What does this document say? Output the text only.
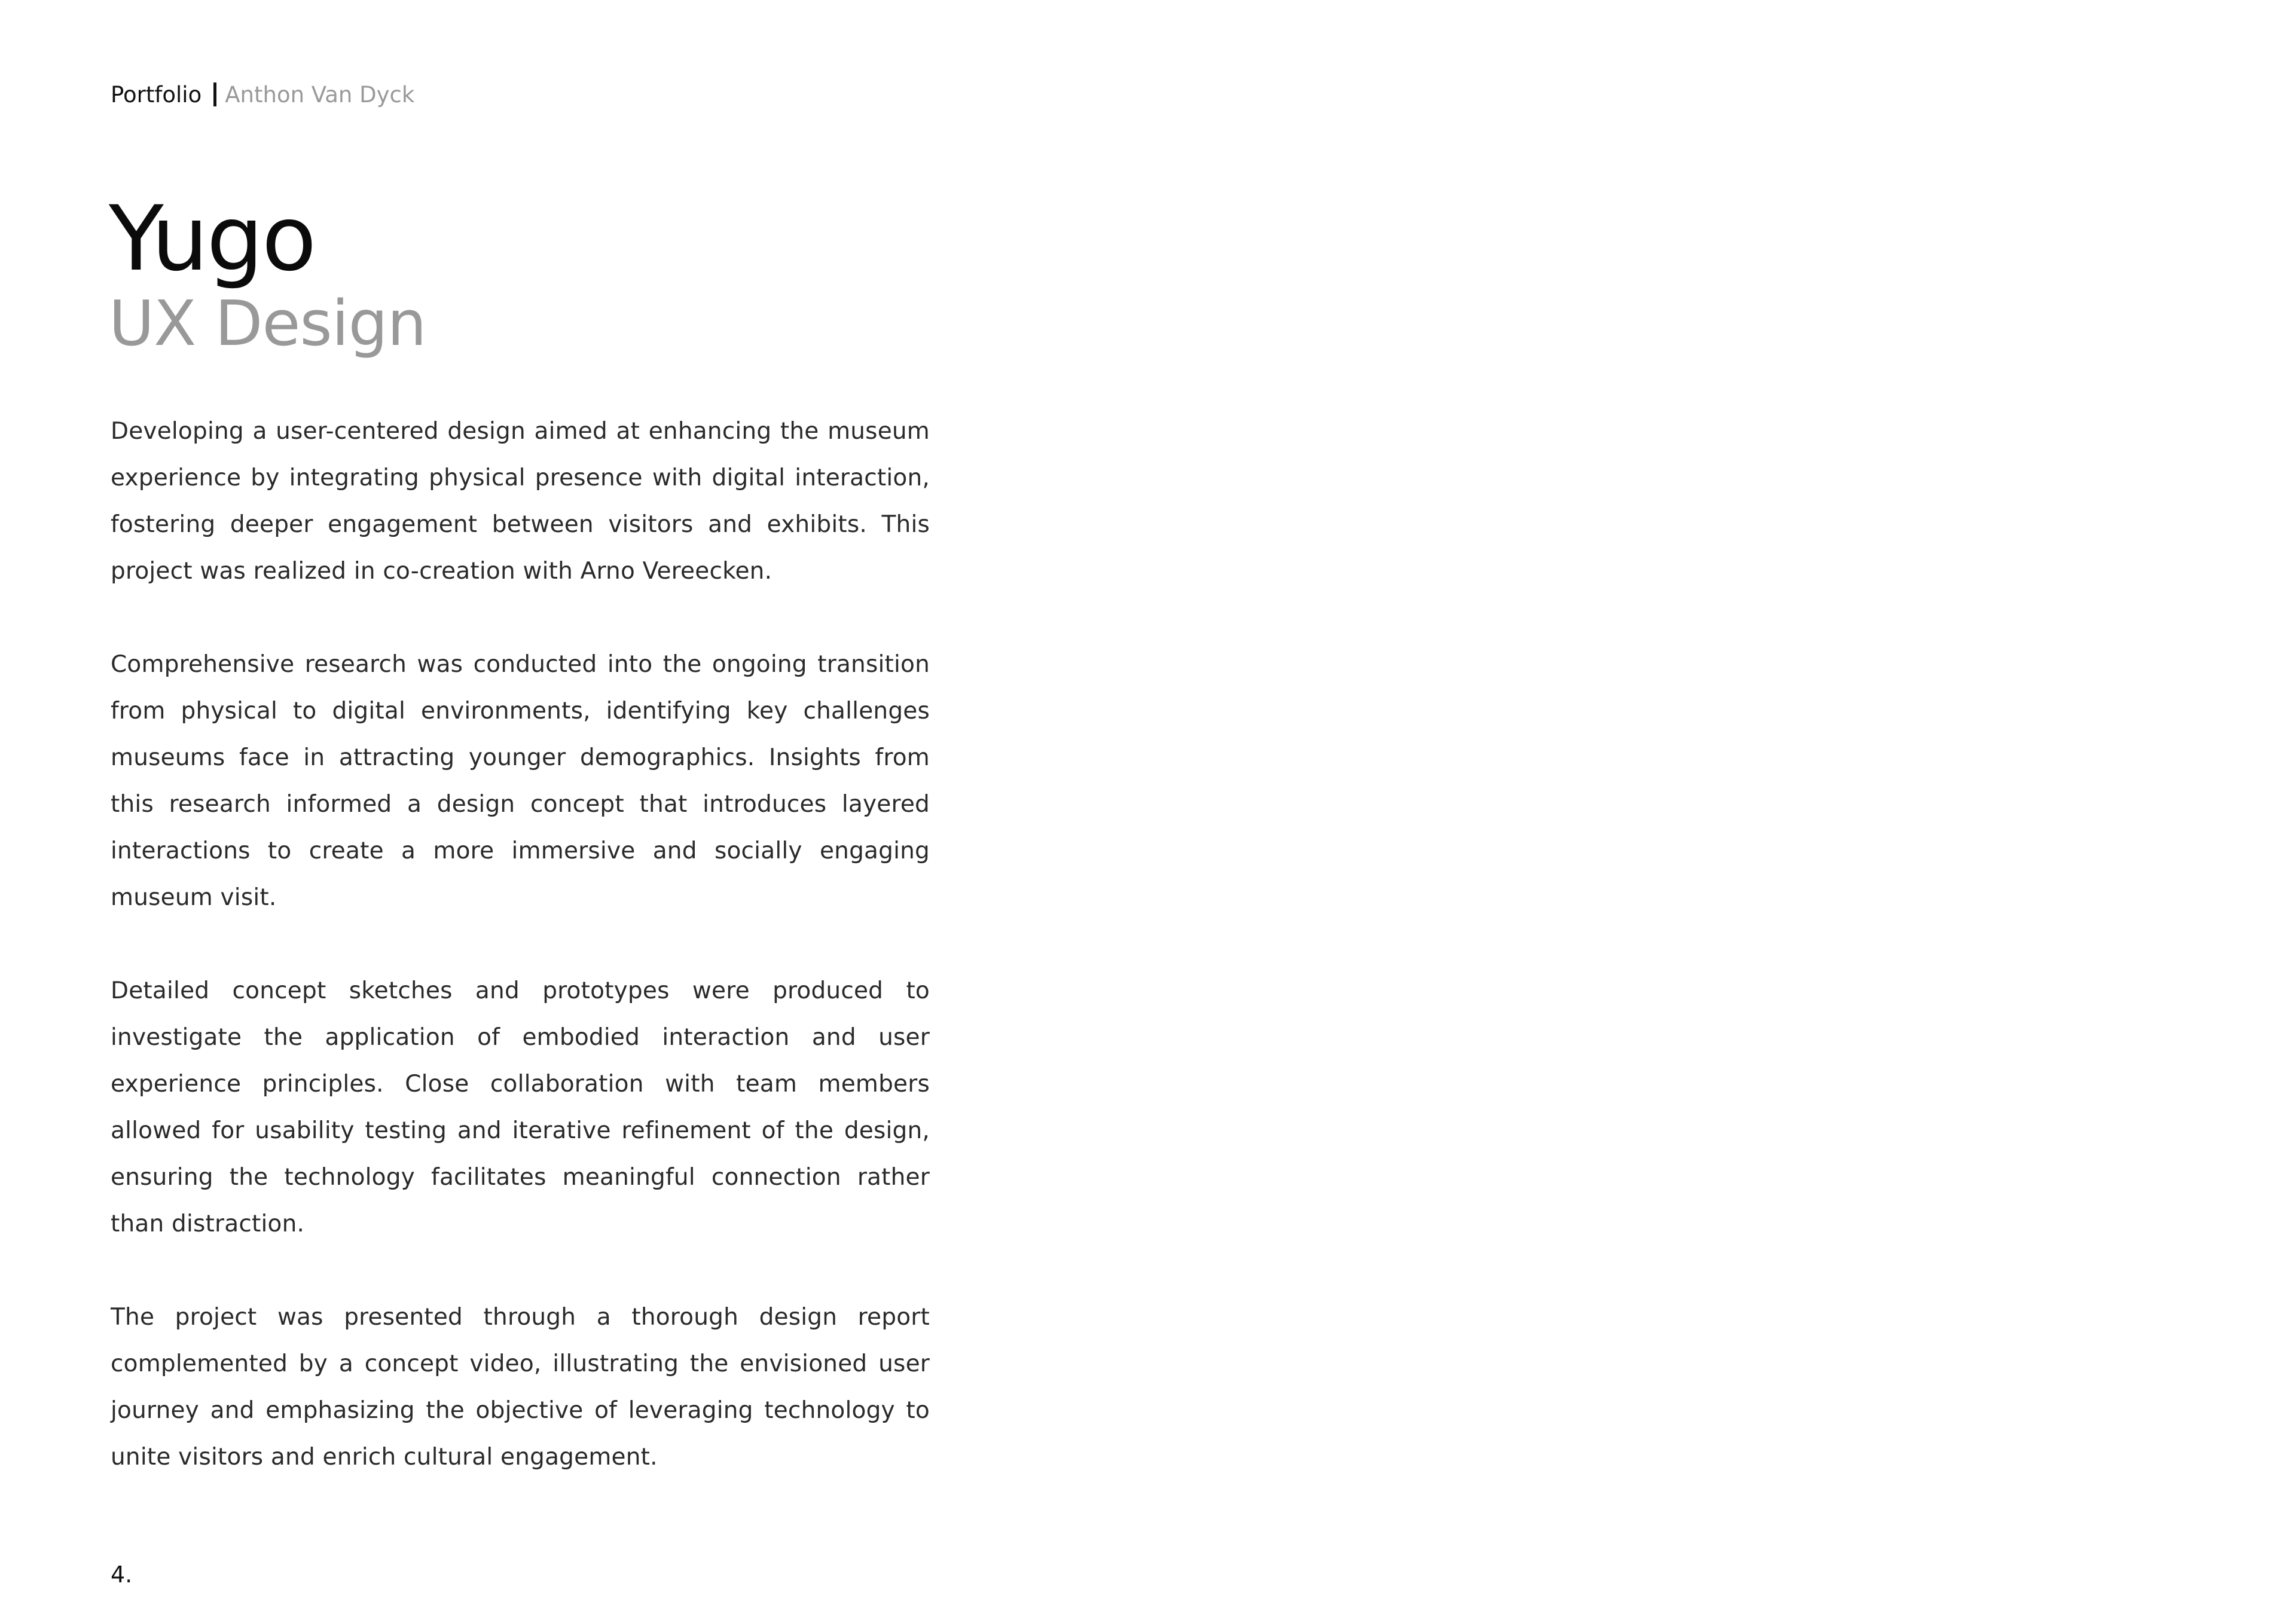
Portfolio Anthon Van Dyck
Yugo
UX Design

Developing a user-centered design aimed at enhancing the museum experience by integrating physical presence with digital interaction, fostering deeper engagement between visitors and exhibits. This project was realized in co-creation with Arno Vereecken.

Comprehensive research was conducted into the ongoing transition from physical to digital environments, identifying key challenges museums face in attracting younger demographics. Insights from this research informed a design concept that introduces layered interactions to create a more immersive and socially engaging museum visit.

Detailed concept sketches and prototypes were produced to investigate the application of embodied interaction and user experience principles. Close collaboration with team members allowed for usability testing and iterative refinement of the design, ensuring the technology facilitates meaningful connection rather than distraction.

The project was presented through a thorough design report complemented by a concept video, illustrating the envisioned user journey and emphasizing the objective of leveraging technology to unite visitors and enrich cultural engagement.

4.
